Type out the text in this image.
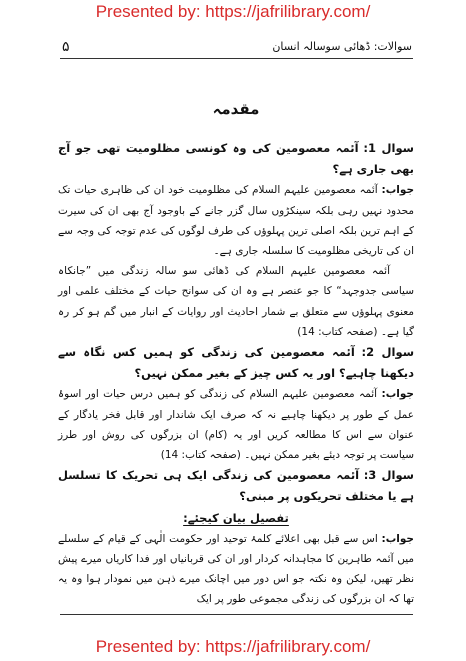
Presented by: https://jafrilibrary.com/
سوالات: ڈھائی سوسالہ انسان
۵
مقدمہ

سوال 1: آئمہ معصومین کی وہ کونسی مظلومیت تھی جو آج بھی جاری ہے؟

جواب: آئمہ معصومین علیہم السلام کی مظلومیت خود ان کی ظاہری حیات تک محدود نہیں رہی بلکہ سینکڑوں سال گزر جانے کے باوجود آج بھی ان کی سیرت کے اہم ترین بلکہ اصلی ترین پہلوؤں کی طرف لوگوں کی عدم توجہ کی وجہ سے ان کی تاریخی مظلومیت کا سلسلہ جاری ہے۔

آئمہ معصومین علیہم السلام کی ڈھائی سو سالہ زندگی میں ”جانکاہ سیاسی جدوجہد“ کا جو عنصر ہے وہ ان کی سوانح حیات کے مختلف علمی اور معنوی پہلوؤں سے متعلق بے شمار احادیث اور روایات کے انبار میں گم ہو کر رہ گیا ہے۔ (صفحہ کتاب: 14)

سوال 2: آئمہ معصومین کی زندگی کو ہمیں کس نگاہ سے دیکھنا چاہیے؟ اور یہ کس چیز کے بغیر ممکن نہیں؟

جواب: آئمہ معصومین علیہم السلام کی زندگی کو ہمیں درس حیات اور اسوۂ عمل کے طور پر دیکھنا چاہیے نہ کہ صرف ایک شاندار اور قابل فخر یادگار کے عنوان سے اس کا مطالعہ کریں اور یہ (کام) ان بزرگوں کی روش اور طرز سیاست پر توجہ دیئے بغیر ممکن نہیں۔ (صفحہ کتاب: 14)

سوال 3: آئمہ معصومین کی زندگی ایک ہی تحریک کا تسلسل ہے یا مختلف تحریکوں پر مبنی؟

تفصیل بیان کیجئے:

جواب: اس سے قبل بھی اعلائے کلمۂ توحید اور حکومت الٰہی کے قیام کے سلسلے میں آئمہ طاہرین کا مجاہدانہ کردار اور ان کی قربانیاں اور فدا کاریاں میرے پیش نظر تھیں، لیکن وہ نکتہ جو اس دور میں اچانک میرے ذہن میں نمودار ہوا وہ یہ تھا کہ ان بزرگوں کی زندگی مجموعی طور پر ایک

Presented by: https://jafrilibrary.com/
